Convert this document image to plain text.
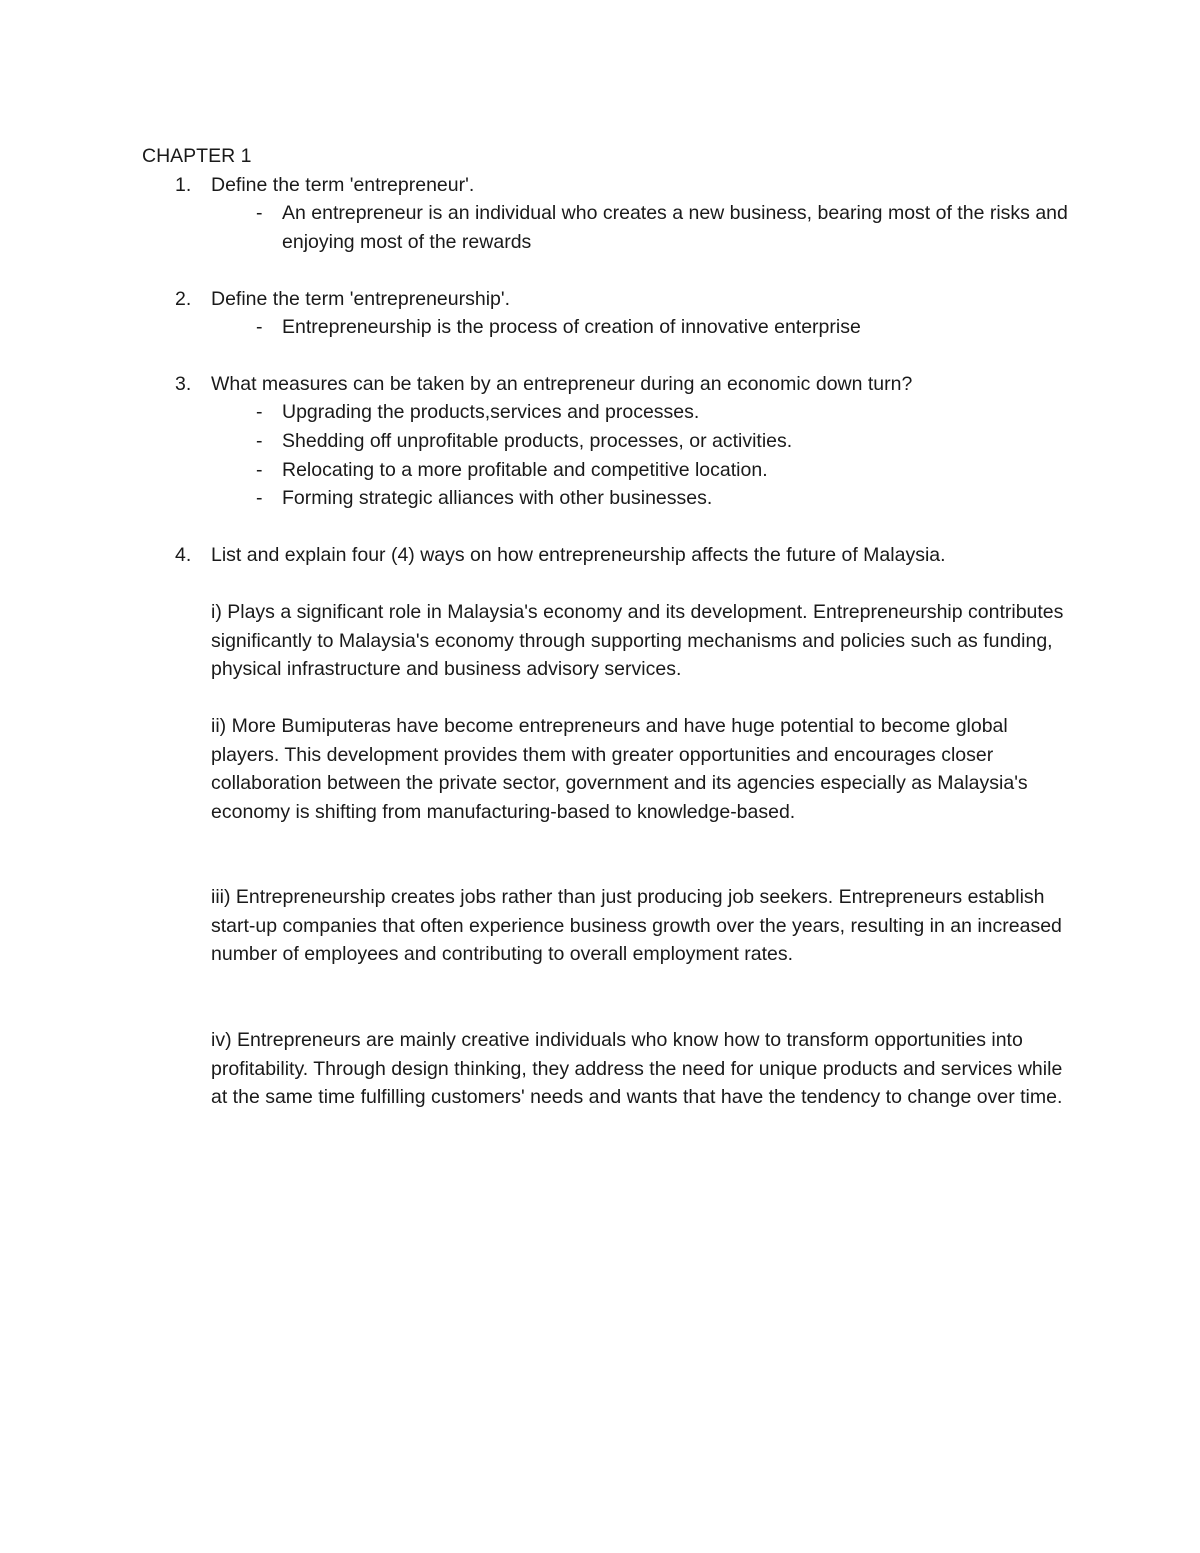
CHAPTER 1
1. Define the term 'entrepreneur'.
- An entrepreneur is an individual who creates a new business, bearing most of the risks and enjoying most of the rewards
2. Define the term 'entrepreneurship'.
- Entrepreneurship is the process of creation of innovative enterprise
3. What measures can be taken by an entrepreneur during an economic down turn?
- Upgrading the products,services and processes.
- Shedding off unprofitable products, processes, or activities.
- Relocating to a more profitable and competitive location.
- Forming strategic alliances with other businesses.
4. List and explain four (4) ways on how entrepreneurship affects the future of Malaysia.
i) Plays a significant role in Malaysia's economy and its development. Entrepreneurship contributes significantly to Malaysia's economy through supporting mechanisms and policies such as funding, physical infrastructure and business advisory services.
ii) More Bumiputeras have become entrepreneurs and have huge potential to become global players. This development provides them with greater opportunities and encourages closer collaboration between the private sector, government and its agencies especially as Malaysia's economy is shifting from manufacturing-based to knowledge-based.
iii) Entrepreneurship creates jobs rather than just producing job seekers. Entrepreneurs establish start-up companies that often experience business growth over the years, resulting in an increased number of employees and contributing to overall employment rates.
iv) Entrepreneurs are mainly creative individuals who know how to transform opportunities into profitability. Through design thinking, they address the need for unique products and services while at the same time fulfilling customers' needs and wants that have the tendency to change over time.
